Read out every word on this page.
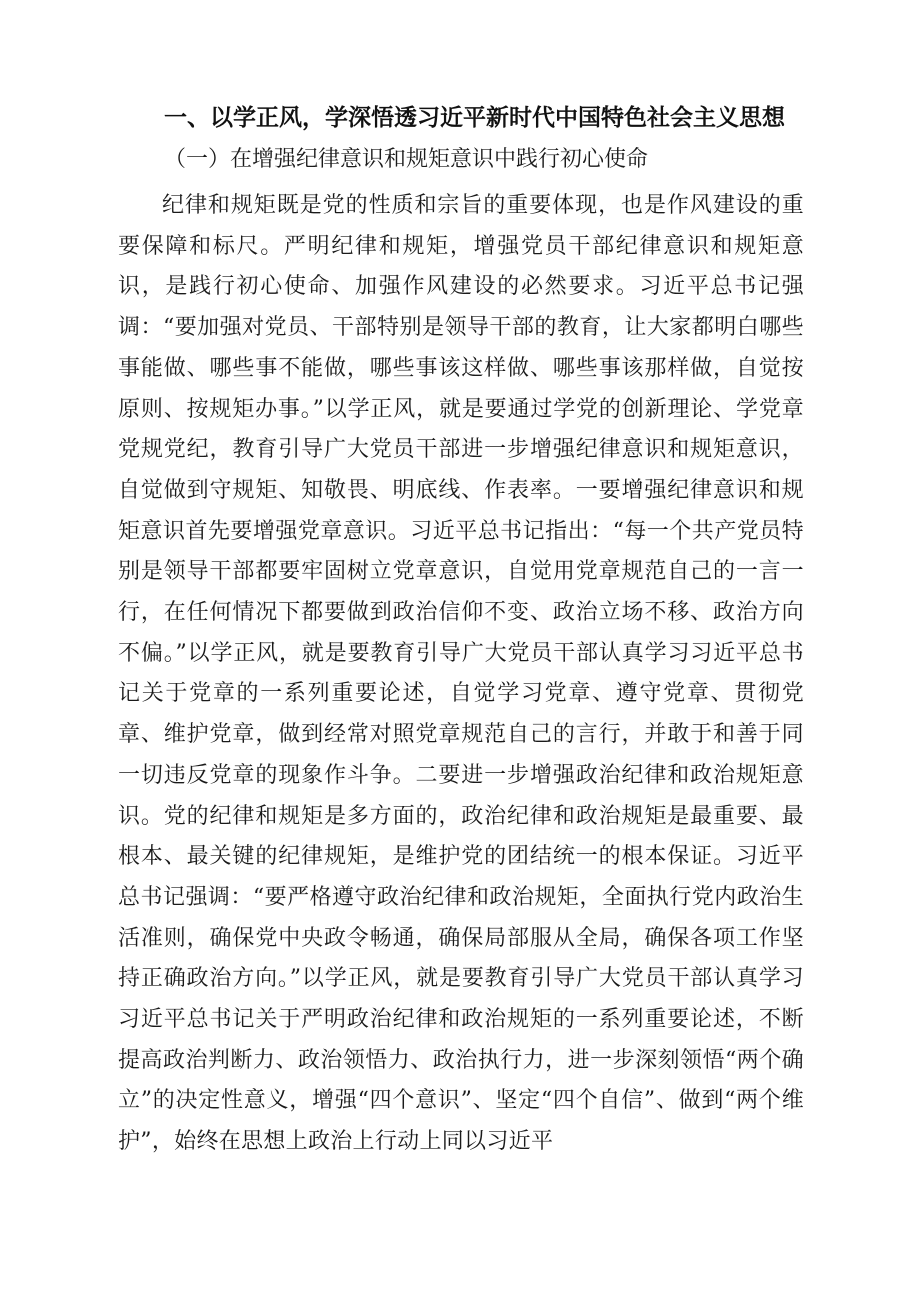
一、以学正风，学深悟透习近平新时代中国特色社会主义思想
（一）在增强纪律意识和规矩意识中践行初心使命

纪律和规矩既是党的性质和宗旨的重要体现，也是作风建设的重要保障和标尺。严明纪律和规矩，增强党员干部纪律意识和规矩意识，是践行初心使命、加强作风建设的必然要求。习近平总书记强调：“要加强对党员、干部特别是领导干部的教育，让大家都明白哪些事能做、哪些事不能做，哪些事该这样做、哪些事该那样做，自觉按原则、按规矩办事。”以学正风，就是要通过学党的创新理论、学党章党规党纪，教育引导广大党员干部进一步增强纪律意识和规矩意识，自觉做到守规矩、知敬畏、明底线、作表率。一要增强纪律意识和规矩意识首先要增强党章意识。习近平总书记指出：“每一个共产党员特别是领导干部都要牢固树立党章意识，自觉用党章规范自己的一言一行，在任何情况下都要做到政治信仰不变、政治立场不移、政治方向不偏。”以学正风，就是要教育引导广大党员干部认真学习习近平总书记关于党章的一系列重要论述，自觉学习党章、遵守党章、贯彻党章、维护党章，做到经常对照党章规范自己的言行，并敢于和善于同一切违反党章的现象作斗争。二要进一步增强政治纪律和政治规矩意识。党的纪律和规矩是多方面的，政治纪律和政治规矩是最重要、最根本、最关键的纪律规矩，是维护党的团结统一的根本保证。习近平总书记强调：“要严格遵守政治纪律和政治规矩，全面执行党内政治生活准则，确保党中央政令畅通，确保局部服从全局，确保各项工作坚持正确政治方向。”以学正风，就是要教育引导广大党员干部认真学习习近平总书记关于严明政治纪律和政治规矩的一系列重要论述，不断提高政治判断力、政治领悟力、政治执行力，进一步深刻领悟“两个确立”的决定性意义，增强“四个意识”、坚定“四个自信”、做到“两个维护”，始终在思想上政治上行动上同以习近平
